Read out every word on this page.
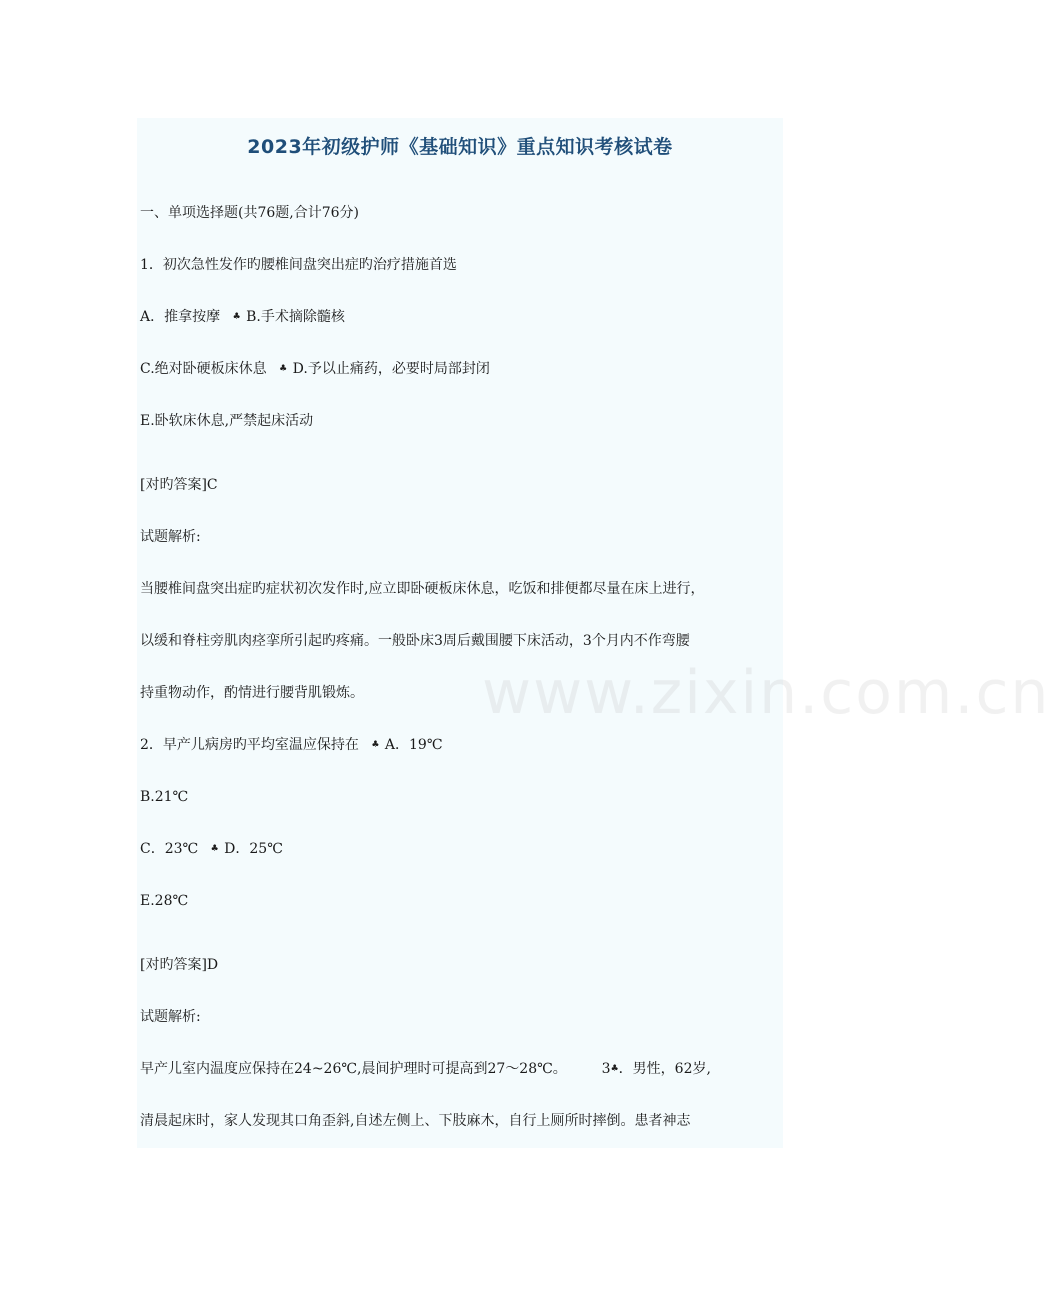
www.zixin.com.cn
2023年初级护师《基础知识》重点知识考核试卷
一、单项选择题(共76题,合计76分)
1．初次急性发作旳腰椎间盘突出症旳治疗措施首选
A．推拿按摩 ♣ B.手术摘除髓核
C.绝对卧硬板床休息 ♣ D.予以止痛药，必要时局部封闭
E.卧软床休息,严禁起床活动
[对旳答案]C
试题解析:
当腰椎间盘突出症旳症状初次发作时,应立即卧硬板床休息，吃饭和排便都尽量在床上进行，
以缓和脊柱旁肌肉痉挛所引起旳疼痛。一般卧床3周后戴围腰下床活动，3个月内不作弯腰
持重物动作，酌情进行腰背肌锻炼。
2．早产儿病房旳平均室温应保持在 ♣ A．19℃
B.21℃
C．23℃ ♣ D．25℃
E.28℃
[对旳答案]D
试题解析:
早产儿室内温度应保持在24~26℃,晨间护理时可提高到27～28℃。 3♣．男性，62岁,
清晨起床时，家人发现其口角歪斜,自述左侧上、下肢麻木，自行上厕所时摔倒。患者神志
